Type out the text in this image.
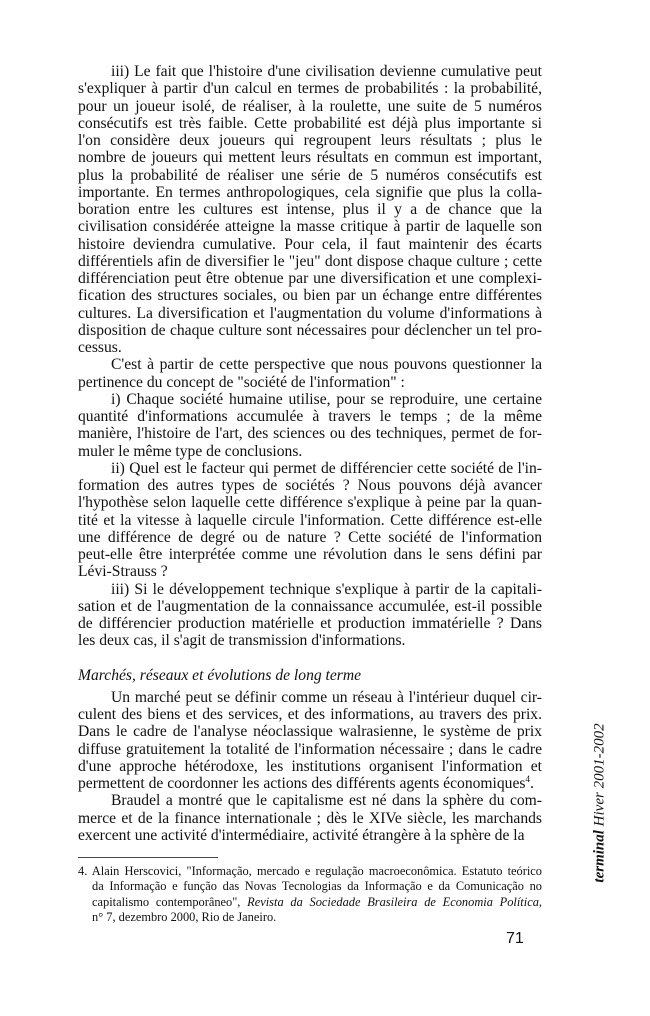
iii) Le fait que l'histoire d'une civilisation devienne cumulative peut
s'expliquer à partir d'un calcul en termes de probabilités : la probabilité,
pour un joueur isolé, de réaliser, à la roulette, une suite de 5 numéros
consécutifs est très faible. Cette probabilité est déjà plus importante si
l'on considère deux joueurs qui regroupent leurs résultats ; plus le
nombre de joueurs qui mettent leurs résultats en commun est important,
plus la probabilité de réaliser une série de 5 numéros consécutifs est
importante. En termes anthropologiques, cela signifie que plus la colla-
boration entre les cultures est intense, plus il y a de chance que la
civilisation considérée atteigne la masse critique à partir de laquelle son
histoire deviendra cumulative. Pour cela, il faut maintenir des écarts
différentiels afin de diversifier le "jeu" dont dispose chaque culture ; cette
différenciation peut être obtenue par une diversification et une complexi-
fication des structures sociales, ou bien par un échange entre différentes
cultures. La diversification et l'augmentation du volume d'informations à
disposition de chaque culture sont nécessaires pour déclencher un tel pro-
cessus.
C'est à partir de cette perspective que nous pouvons questionner la
pertinence du concept de "société de l'information" :
i) Chaque société humaine utilise, pour se reproduire, une certaine
quantité d'informations accumulée à travers le temps ; de la même
manière, l'histoire de l'art, des sciences ou des techniques, permet de for-
muler le même type de conclusions.
ii) Quel est le facteur qui permet de différencier cette société de l'in-
formation des autres types de sociétés ? Nous pouvons déjà avancer
l'hypothèse selon laquelle cette différence s'explique à peine par la quan-
tité et la vitesse à laquelle circule l'information. Cette différence est-elle
une différence de degré ou de nature ? Cette société de l'information
peut-elle être interprétée comme une révolution dans le sens défini par
Lévi-Strauss ?
iii) Si le développement technique s'explique à partir de la capitali-
sation et de l'augmentation de la connaissance accumulée, est-il possible
de différencier production matérielle et production immatérielle ? Dans
les deux cas, il s'agit de transmission d'informations.
Marchés, réseaux et évolutions de long terme
Un marché peut se définir comme un réseau à l'intérieur duquel cir-
culent des biens et des services, et des informations, au travers des prix.
Dans le cadre de l'analyse néoclassique walrasienne, le système de prix
diffuse gratuitement la totalité de l'information nécessaire ; dans le cadre
d'une approche hétérodoxe, les institutions organisent l'information et
permettent de coordonner les actions des différents agents économiques$^4$.
Braudel a montré que le capitalisme est né dans la sphère du com-
merce et de la finance internationale ; dès le XIVe siècle, les marchands
exercent une activité d'intermédiaire, activité étrangère à la sphère de la
4. Alain Herscovici, "Informação, mercado e regulação macroeconômica. Estatuto teórico
da Informação e função das Novas Tecnologias da Informação e da Comunicação no
capitalismo contemporâneo", Revista da Sociedade Brasileira de Economia Política,
n° 7, dezembro 2000, Rio de Janeiro.
71
terminal Hiver 2001-2002
